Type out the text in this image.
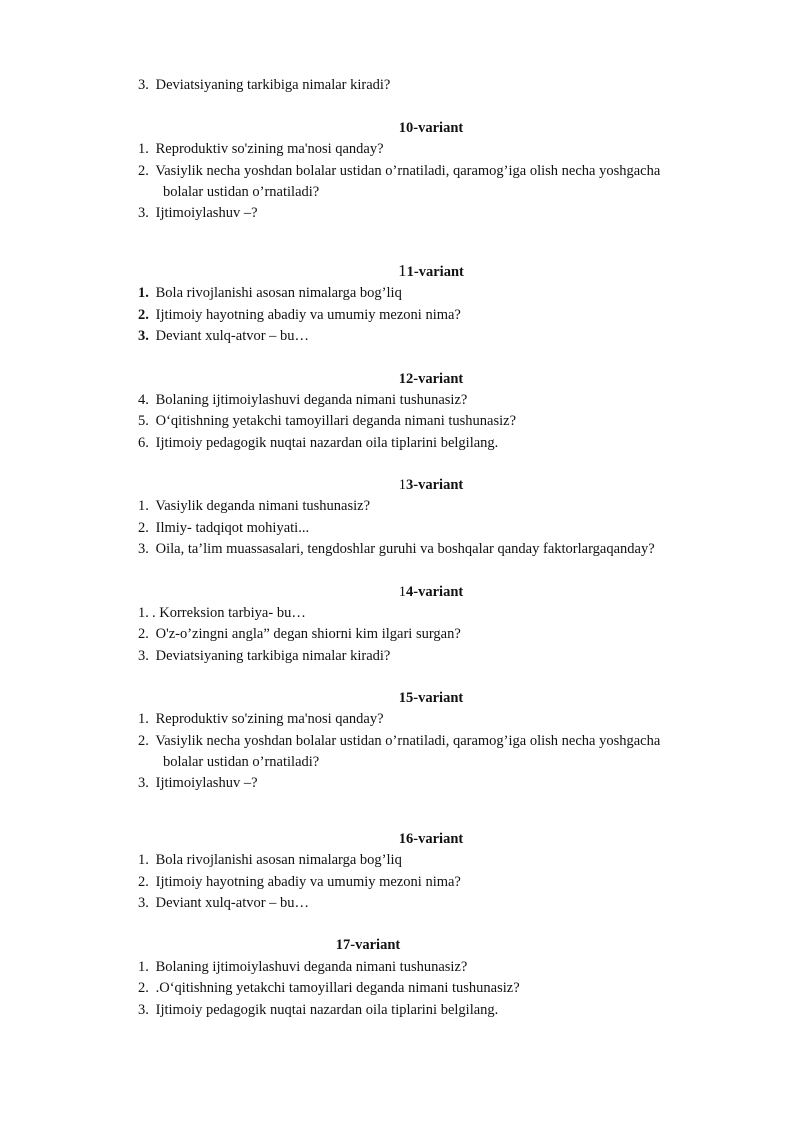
3. Deviatsiyaning tarkibiga nimalar kiradi?
10-variant
1. Reproduktiv so'zining ma'nosi qanday?
2. Vasiylik necha yoshdan bolalar ustidan o’rnatiladi, qaramog’iga olish necha yoshgacha
bolalar ustidan o’rnatiladi?
3. Ijtimoiylashuv –?
11-variant
1. Bola rivojlanishi asosan nimalarga bog’liq
2. Ijtimoiy hayotning abadiy va umumiy mezoni nima?
3. Deviant xulq-atvor – bu…
12-variant
4. Bolaning ijtimoiylashuvi deganda nimani tushunasiz?
5. O‘qitishning yetakchi tamoyillari deganda nimani tushunasiz?
6. Ijtimoiy pedagogik nuqtai nazardan oila tiplarini belgilang.
13-variant
1. Vasiylik deganda nimani tushunasiz?
2. Ilmiy- tadqiqot mohiyati...
3. Oila, ta’lim muassasalari, tengdoshlar guruhi va boshqalar qanday faktorlargaqanday?
14-variant
1. . Korreksion tarbiya- bu…
2. O'z-o’zingni angla” degan shiorni kim ilgari surgan?
3. Deviatsiyaning tarkibiga nimalar kiradi?
15-variant
1. Reproduktiv so'zining ma'nosi qanday?
2. Vasiylik necha yoshdan bolalar ustidan o’rnatiladi, qaramog’iga olish necha yoshgacha
bolalar ustidan o’rnatiladi?
3. Ijtimoiylashuv –?
16-variant
1. Bola rivojlanishi asosan nimalarga bog’liq
2. Ijtimoiy hayotning abadiy va umumiy mezoni nima?
3. Deviant xulq-atvor – bu…
17-variant
1. Bolaning ijtimoiylashuvi deganda nimani tushunasiz?
2. .O‘qitishning yetakchi tamoyillari deganda nimani tushunasiz?
3. Ijtimoiy pedagogik nuqtai nazardan oila tiplarini belgilang.
